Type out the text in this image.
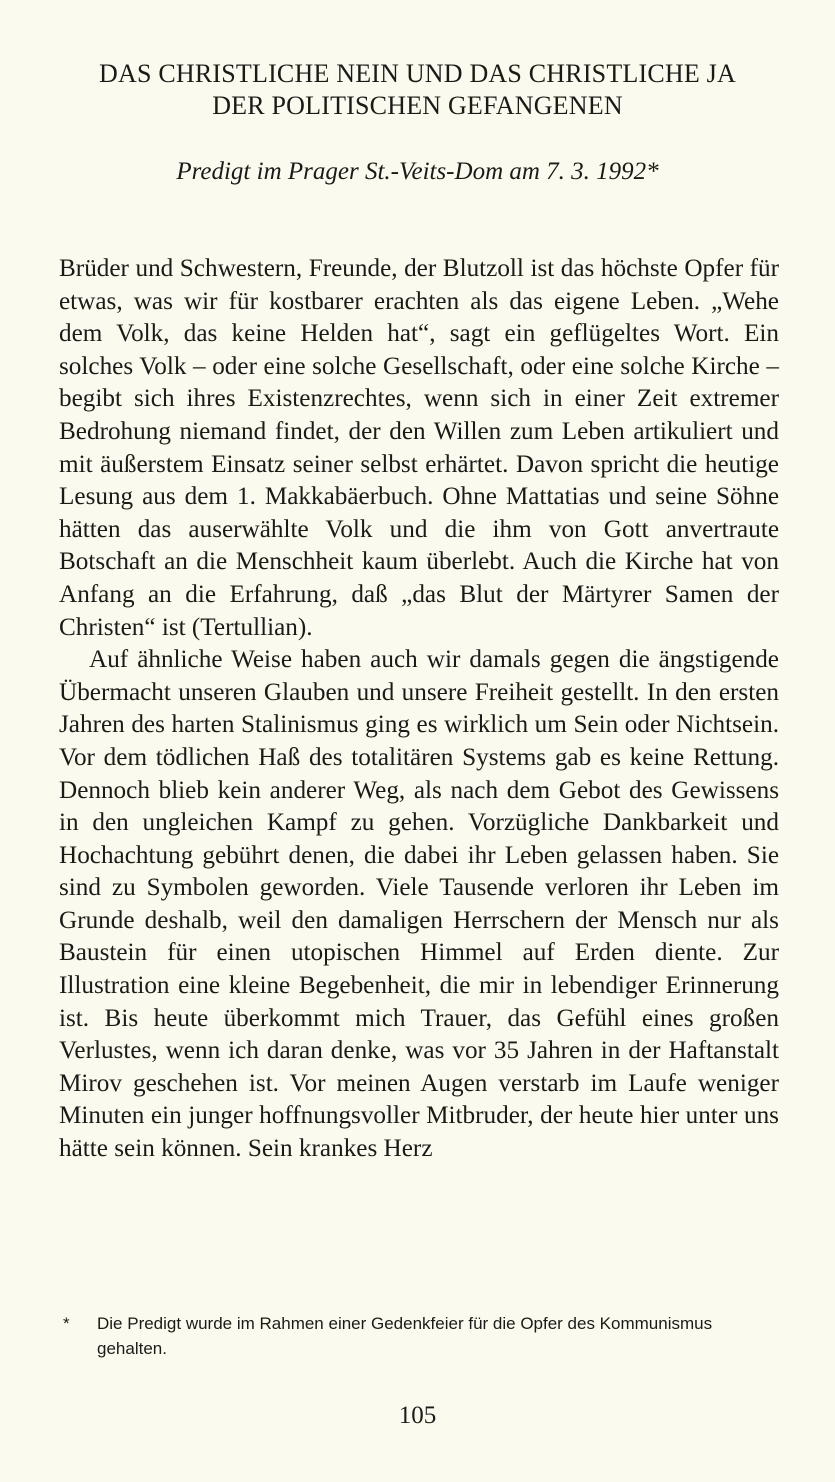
DAS CHRISTLICHE NEIN UND DAS CHRISTLICHE JA
DER POLITISCHEN GEFANGENEN
Predigt im Prager St.-Veits-Dom am 7. 3. 1992*

Brüder und Schwestern, Freunde, der Blutzoll ist das höchste Opfer für etwas, was wir für kostbarer erachten als das eigene Leben. „Wehe dem Volk, das keine Helden hat“, sagt ein geflügeltes Wort. Ein solches Volk – oder eine solche Gesellschaft, oder eine solche Kirche – begibt sich ihres Existenzrechtes, wenn sich in einer Zeit extremer Bedrohung niemand findet, der den Willen zum Leben artikuliert und mit äußerstem Einsatz seiner selbst erhärtet. Davon spricht die heutige Lesung aus dem 1. Makkabäerbuch. Ohne Mattatias und seine Söhne hätten das auserwählte Volk und die ihm von Gott anvertraute Botschaft an die Menschheit kaum überlebt. Auch die Kirche hat von Anfang an die Erfahrung, daß „das Blut der Märtyrer Samen der Christen“ ist (Tertullian).

Auf ähnliche Weise haben auch wir damals gegen die ängstigende Übermacht unseren Glauben und unsere Freiheit gestellt. In den ersten Jahren des harten Stalinismus ging es wirklich um Sein oder Nichtsein. Vor dem tödlichen Haß des totalitären Systems gab es keine Rettung. Dennoch blieb kein anderer Weg, als nach dem Gebot des Gewissens in den ungleichen Kampf zu gehen. Vorzügliche Dankbarkeit und Hochachtung gebührt denen, die dabei ihr Leben gelassen haben. Sie sind zu Symbolen geworden. Viele Tausende verloren ihr Leben im Grunde deshalb, weil den damaligen Herrschern der Mensch nur als Baustein für einen utopischen Himmel auf Erden diente. Zur Illustration eine kleine Begebenheit, die mir in lebendiger Erinnerung ist. Bis heute überkommt mich Trauer, das Gefühl eines großen Verlustes, wenn ich daran denke, was vor 35 Jahren in der Haftanstalt Mirov geschehen ist. Vor meinen Augen verstarb im Laufe weniger Minuten ein junger hoffnungsvoller Mitbruder, der heute hier unter uns hätte sein können. Sein krankes Herz

* Die Predigt wurde im Rahmen einer Gedenkfeier für die Opfer des Kommunismus gehalten.
105
